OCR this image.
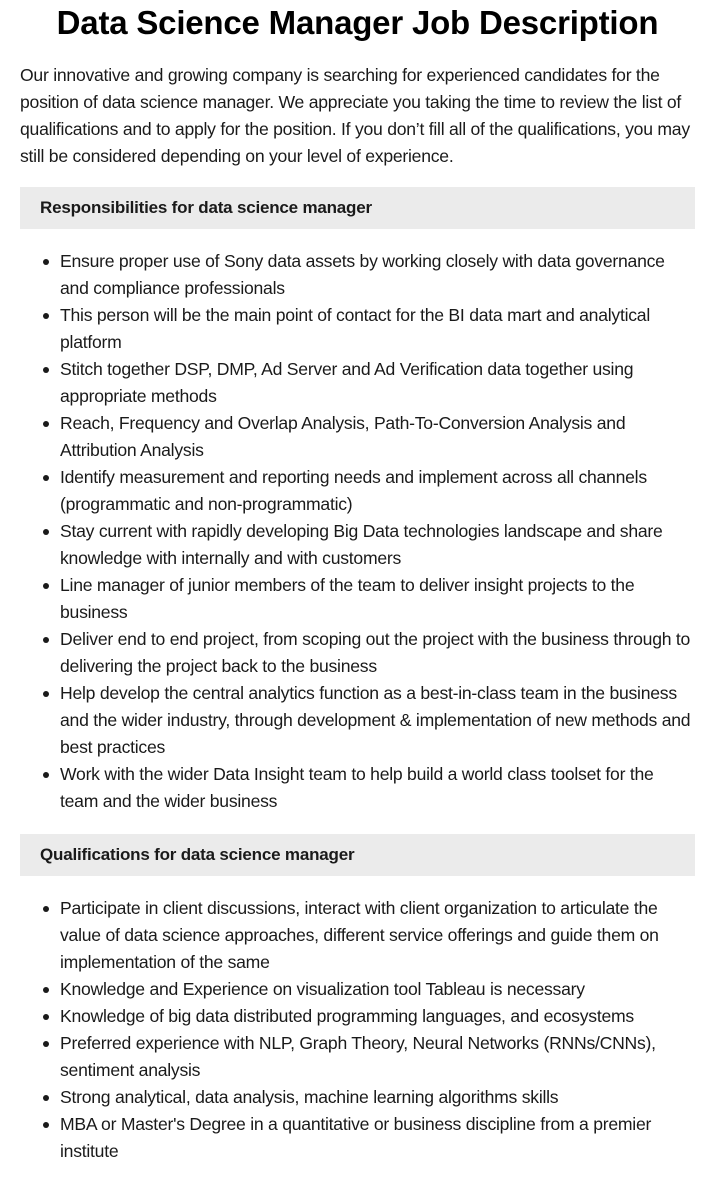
Data Science Manager Job Description

Our innovative and growing company is searching for experienced candidates for the position of data science manager. We appreciate you taking the time to review the list of qualifications and to apply for the position. If you don’t fill all of the qualifications, you may still be considered depending on your level of experience.

Responsibilities for data science manager
Ensure proper use of Sony data assets by working closely with data governance and compliance professionals
This person will be the main point of contact for the BI data mart and analytical platform
Stitch together DSP, DMP, Ad Server and Ad Verification data together using appropriate methods
Reach, Frequency and Overlap Analysis, Path-To-Conversion Analysis and Attribution Analysis
Identify measurement and reporting needs and implement across all channels (programmatic and non-programmatic)
Stay current with rapidly developing Big Data technologies landscape and share knowledge with internally and with customers
Line manager of junior members of the team to deliver insight projects to the business
Deliver end to end project, from scoping out the project with the business through to delivering the project back to the business
Help develop the central analytics function as a best-in-class team in the business and the wider industry, through development & implementation of new methods and best practices
Work with the wider Data Insight team to help build a world class toolset for the team and the wider business
Qualifications for data science manager
Participate in client discussions, interact with client organization to articulate the value of data science approaches, different service offerings and guide them on implementation of the same
Knowledge and Experience on visualization tool Tableau is necessary
Knowledge of big data distributed programming languages, and ecosystems
Preferred experience with NLP, Graph Theory, Neural Networks (RNNs/CNNs), sentiment analysis
Strong analytical, data analysis, machine learning algorithms skills
MBA or Master's Degree in a quantitative or business discipline from a premier institute
